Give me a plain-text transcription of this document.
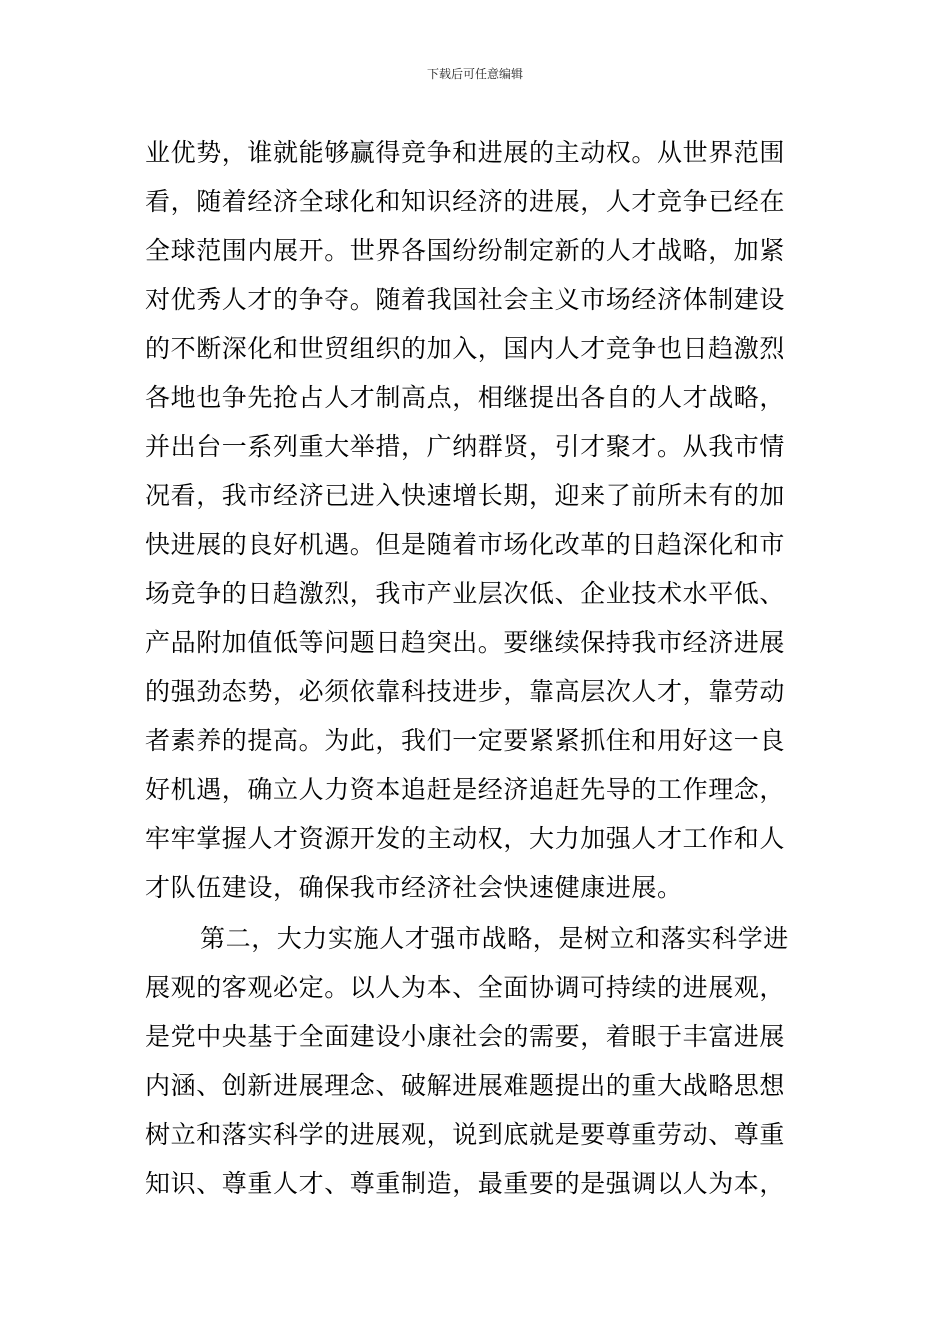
下载后可任意编辑
业优势，谁就能够赢得竞争和进展的主动权。从世界范围
看，随着经济全球化和知识经济的进展，人才竞争已经在
全球范围内展开。世界各国纷纷制定新的人才战略，加紧
对优秀人才的争夺。随着我国社会主义市场经济体制建设
的不断深化和世贸组织的加入，国内人才竞争也日趋激烈
各地也争先抢占人才制高点，相继提出各自的人才战略，
并出台一系列重大举措，广纳群贤，引才聚才。从我市情
况看，我市经济已进入快速增长期，迎来了前所未有的加
快进展的良好机遇。但是随着市场化改革的日趋深化和市
场竞争的日趋激烈，我市产业层次低、企业技术水平低、
产品附加值低等问题日趋突出。要继续保持我市经济进展
的强劲态势，必须依靠科技进步，靠高层次人才，靠劳动
者素养的提高。为此，我们一定要紧紧抓住和用好这一良
好机遇，确立人力资本追赶是经济追赶先导的工作理念，
牢牢掌握人才资源开发的主动权，大力加强人才工作和人
才队伍建设，确保我市经济社会快速健康进展。
第二，大力实施人才强市战略，是树立和落实科学进
展观的客观必定。以人为本、全面协调可持续的进展观，
是党中央基于全面建设小康社会的需要，着眼于丰富进展
内涵、创新进展理念、破解进展难题提出的重大战略思想
树立和落实科学的进展观，说到底就是要尊重劳动、尊重
知识、尊重人才、尊重制造，最重要的是强调以人为本，
